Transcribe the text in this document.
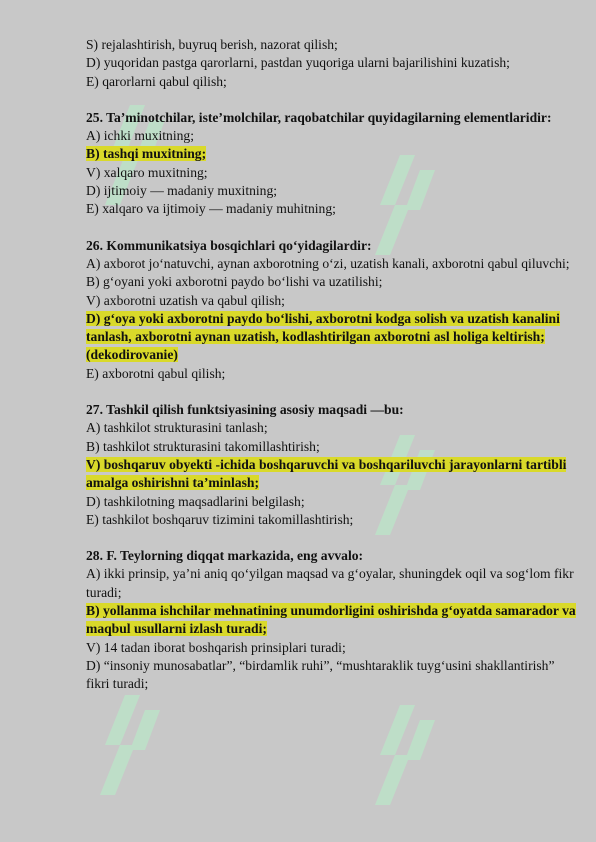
S) rejalashtirish, buyruq berish, nazorat qilish;
D) yuqoridan pastga qarorlarni, pastdan yuqoriga ularni bajarilishini kuzatish;
E) qarorlarni qabul qilish;
25. Ta’minotchilar, iste’molchilar, raqobatchilar quyidagilarning elementlaridir:
A) ichki muxitning;
B) tashqi muxitning;
V) xalqaro muxitning;
D) ijtimoiy — madaniy muxitning;
E) xalqaro va ijtimoiy — madaniy muhitning;
26. Kommunikatsiya bosqichlari qo‘yidagilardir:
A) axborot jo‘natuvchi, aynan axborotning o‘zi, uzatish kanali, axborotni qabul qiluvchi;
B) g‘oyani yoki axborotni paydo bo‘lishi va uzatilishi;
V) axborotni uzatish va qabul qilish;
D) g‘oya yoki axborotni paydo bo‘lishi, axborotni kodga solish va uzatish kanalini tanlash, axborotni aynan uzatish, kodlashtirilgan axborotni asl holiga keltirish; (dekodirovanie)
E) axborotni qabul qilish;
27. Tashkil qilish funktsiyasining asosiy maqsadi —bu:
A) tashkilot strukturasini tanlash;
B) tashkilot strukturasini takomillashtirish;
V) boshqaruv obyekti -ichida boshqaruvchi va boshqariluvchi jarayonlarni tartibli amalga oshirishni ta’minlash;
D) tashkilotning maqsadlarini belgilash;
E) tashkilot boshqaruv tizimini takomillashtirish;
28. F. Teylorning diqqat markazida, eng avvalo:
A) ikki prinsip, ya’ni aniq qo‘yilgan maqsad va g‘oyalar, shuningdek oqil va sog‘lom fikr turadi;
B) yollanma ishchilar mehnatining unumdorligini oshirishda g‘oyatda samarador va maqbul usullarni izlash turadi;
V) 14 tadan iborat boshqarish prinsiplari turadi;
D) “insoniy munosabatlar”, “birdamlik ruhi”, “mushtaraklik tuyg‘usini shakllantirish” fikri turadi;
